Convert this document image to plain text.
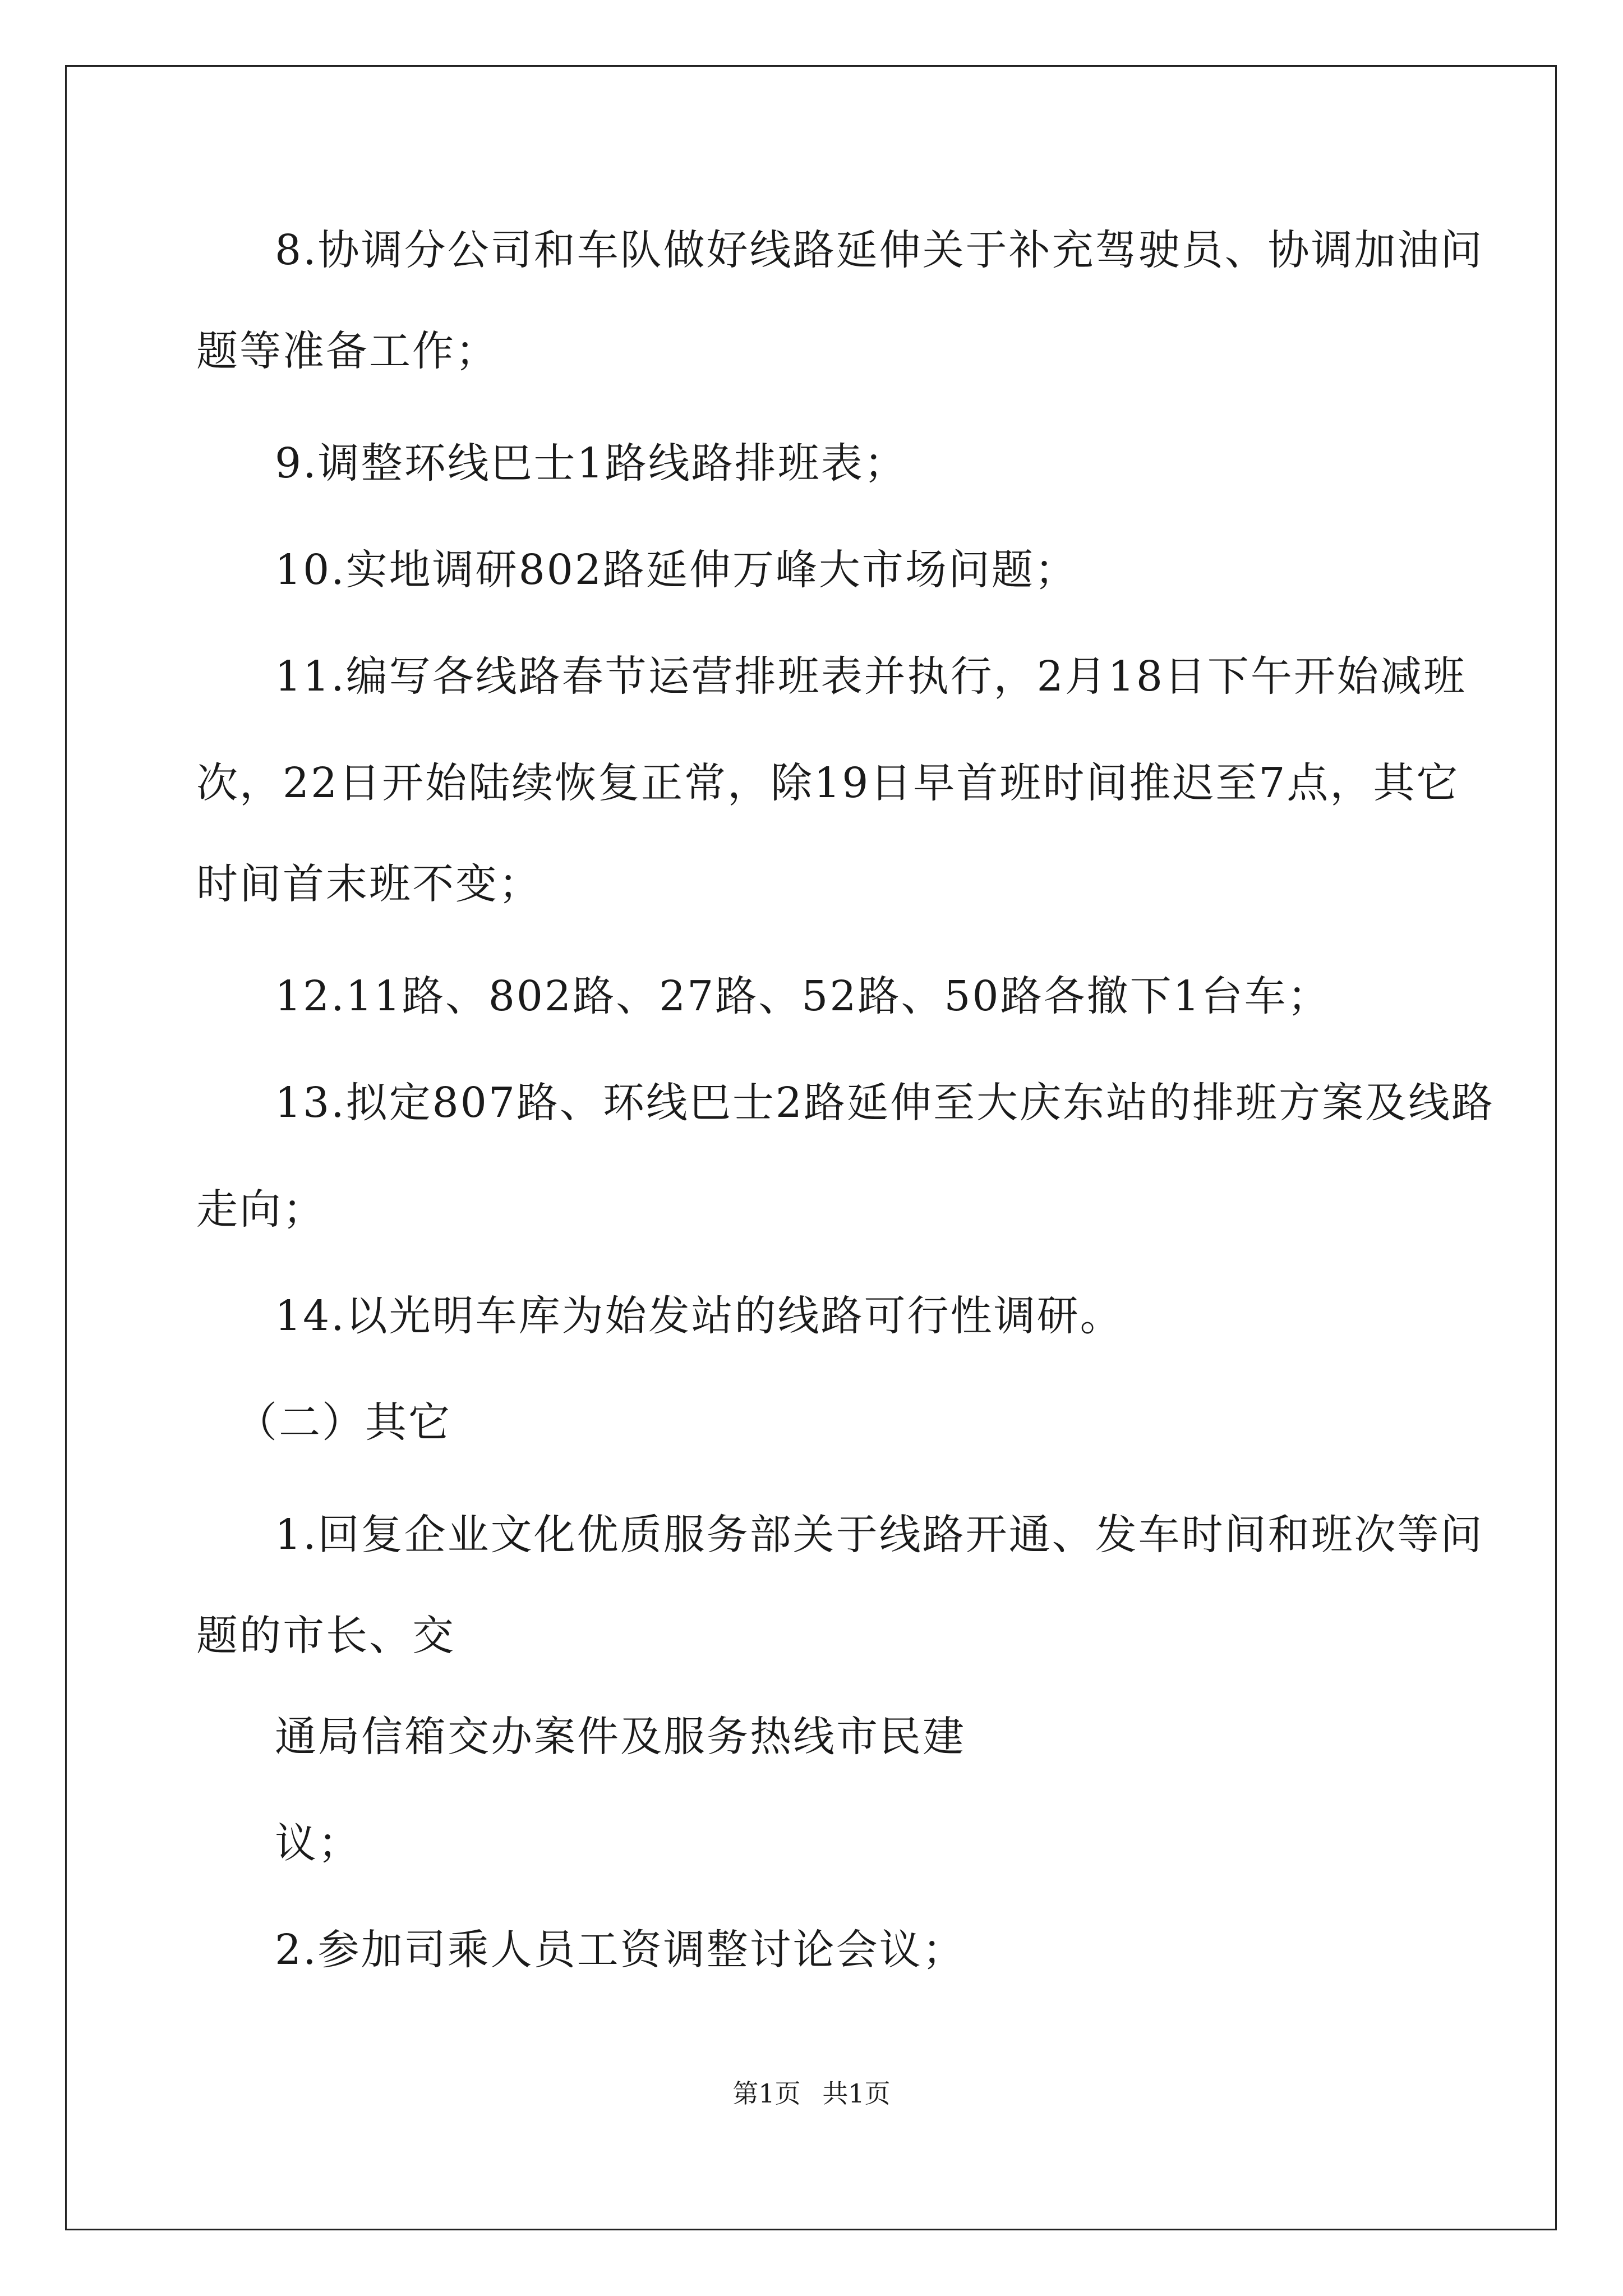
8.协调分公司和车队做好线路延伸关于补充驾驶员、协调加油问
题等准备工作；
9.调整环线巴士1路线路排班表；
10.实地调研802路延伸万峰大市场问题；
11.编写各线路春节运营排班表并执行，2月18日下午开始减班
次，22日开始陆续恢复正常，除19日早首班时间推迟至7点，其它
时间首末班不变；
12.11路、802路、27路、52路、50路各撤下1台车；
13.拟定807路、环线巴士2路延伸至大庆东站的排班方案及线路
走向；
14.以光明车库为始发站的线路可行性调研。
（二）其它
1.回复企业文化优质服务部关于线路开通、发车时间和班次等问
题的市长、交
通局信箱交办案件及服务热线市民建
议；
2.参加司乘人员工资调整讨论会议；
第1页 共1页
